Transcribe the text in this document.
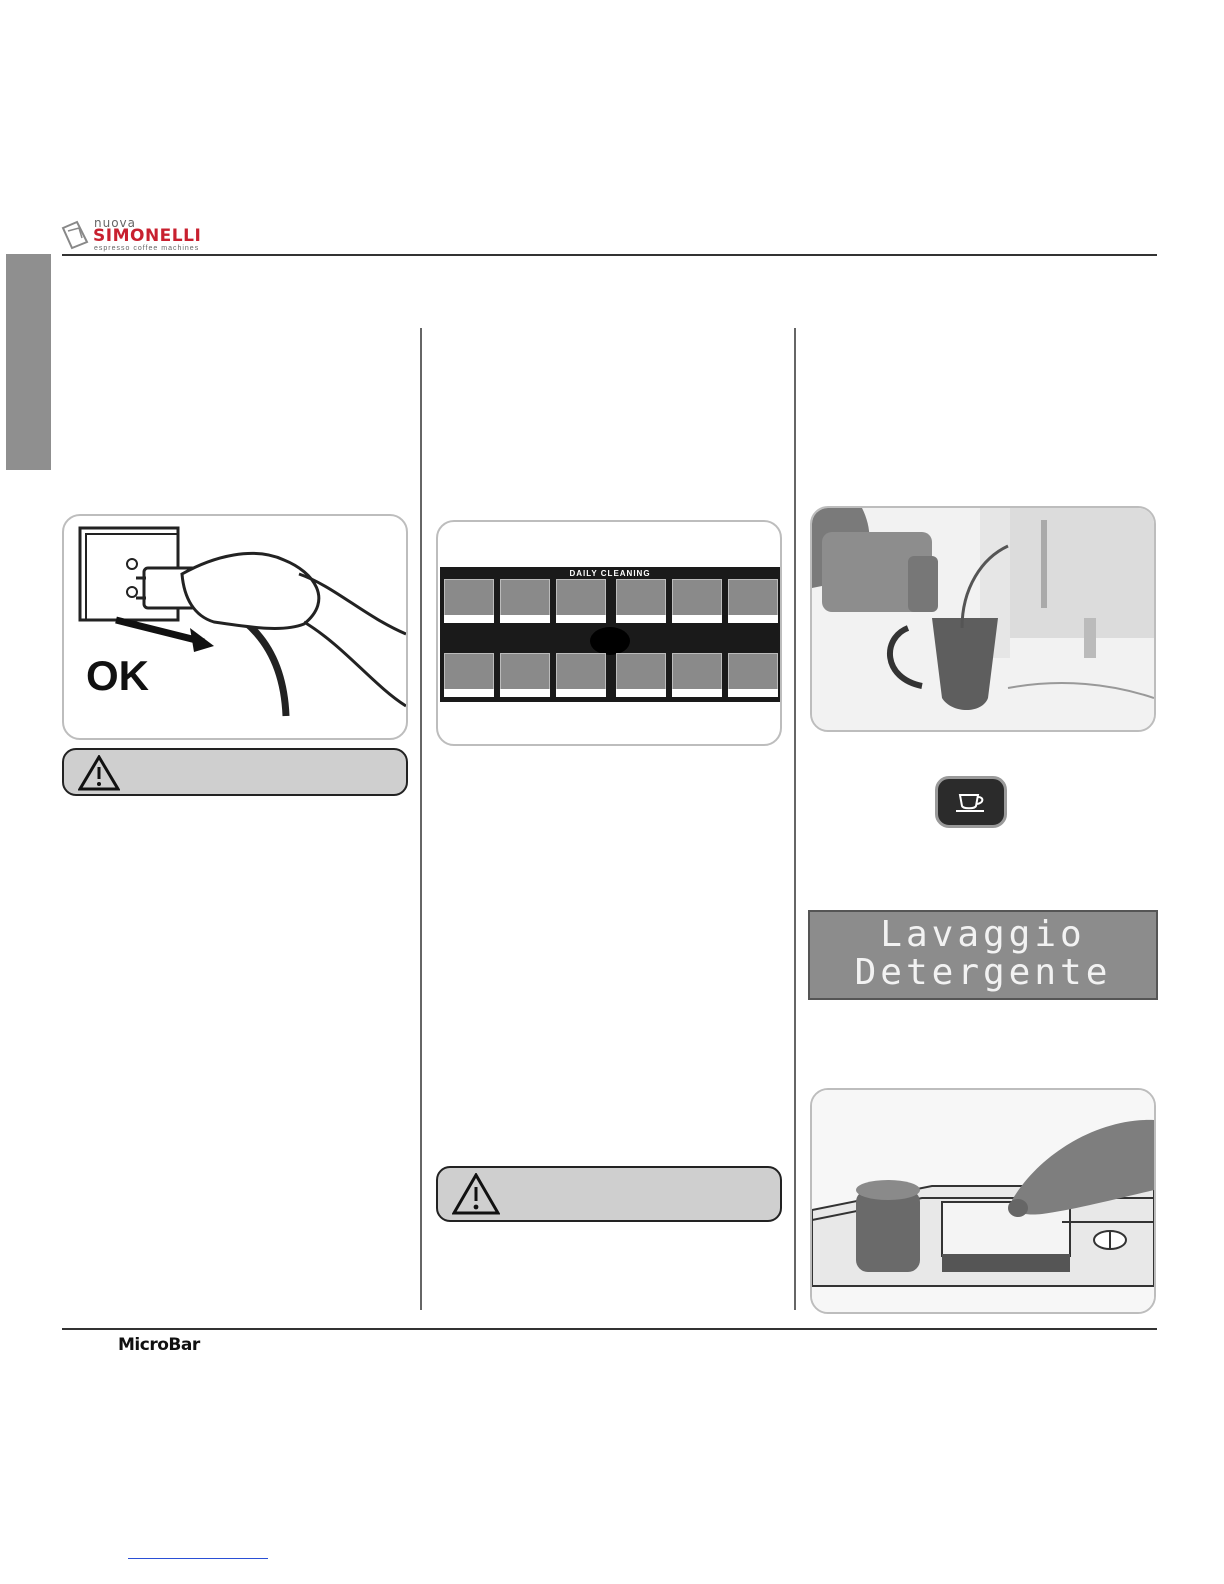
nuova
SIMONELLI
espresso coffee machines
OK
DAILY CLEANING
Lavaggio
Detergente
MicroBar
